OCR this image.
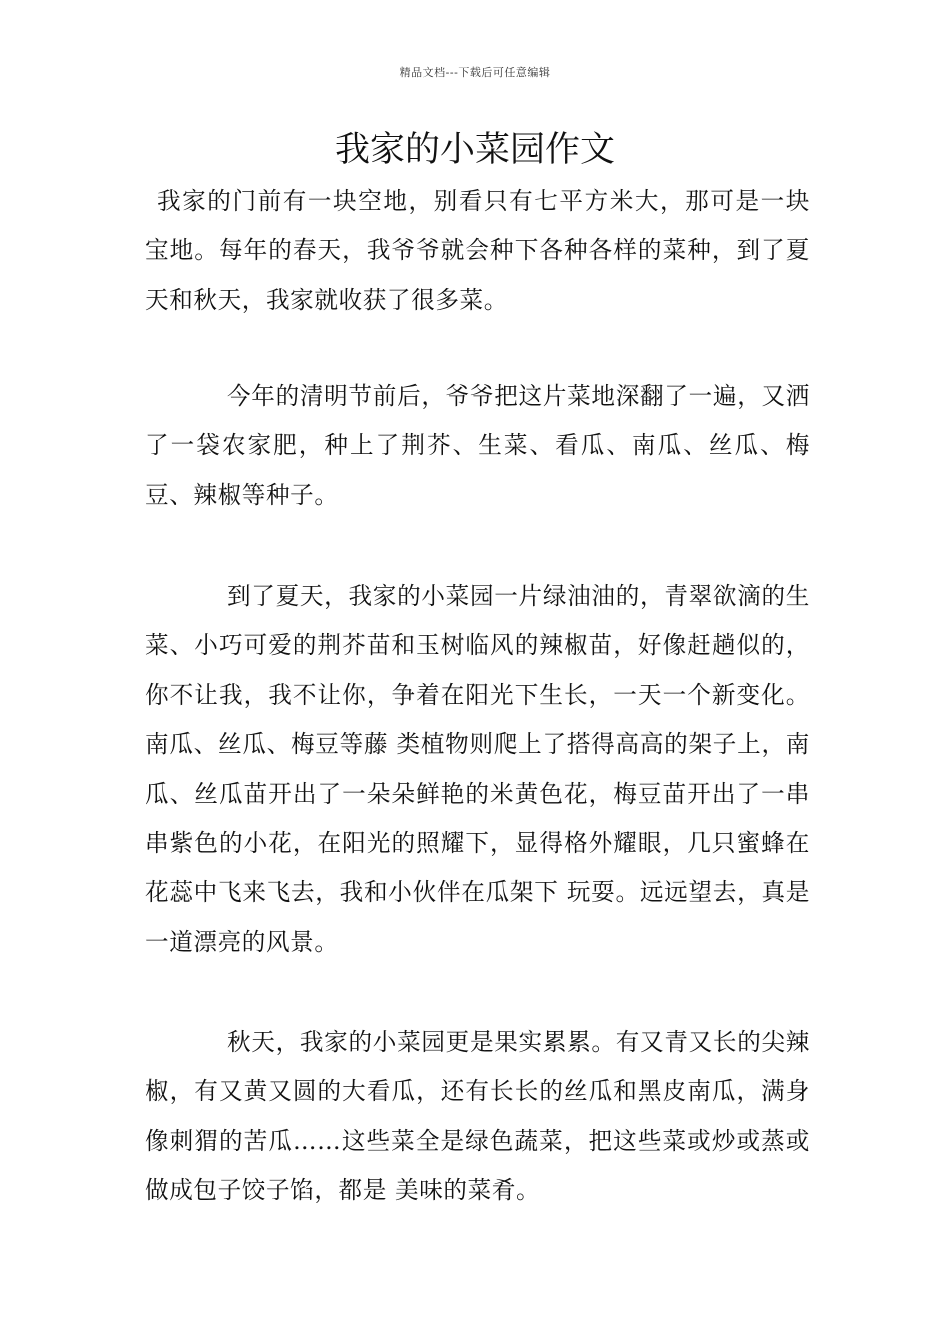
精品文档---下载后可任意编辑
我家的小菜园作文

我家的门前有一块空地，别看只有七平方米大，那可是一块宝地。每年的春天，我爷爷就会种下各种各样的菜种，到了夏天和秋天，我家就收获了很多菜。

今年的清明节前后，爷爷把这片菜地深翻了一遍，又洒了一袋农家肥，种上了荆芥、生菜、看瓜、南瓜、丝瓜、梅豆、辣椒等种子。

到了夏天，我家的小菜园一片绿油油的，青翠欲滴的生菜、小巧可爱的荆芥苗和玉树临风的辣椒苗，好像赶趟似的，你不让我，我不让你，争着在阳光下生长，一天一个新变化。南瓜、丝瓜、梅豆等藤 类植物则爬上了搭得高高的架子上，南瓜、丝瓜苗开出了一朵朵鲜艳的米黄色花，梅豆苗开出了一串串紫色的小花，在阳光的照耀下，显得格外耀眼，几只蜜蜂在花蕊中飞来飞去，我和小伙伴在瓜架下 玩耍。远远望去，真是一道漂亮的风景。

秋天，我家的小菜园更是果实累累。有又青又长的尖辣椒，有又黄又圆的大看瓜，还有长长的丝瓜和黑皮南瓜，满身像刺猬的苦瓜……这些菜全是绿色蔬菜，把这些菜或炒或蒸或做成包子饺子馅，都是 美味的菜肴。
